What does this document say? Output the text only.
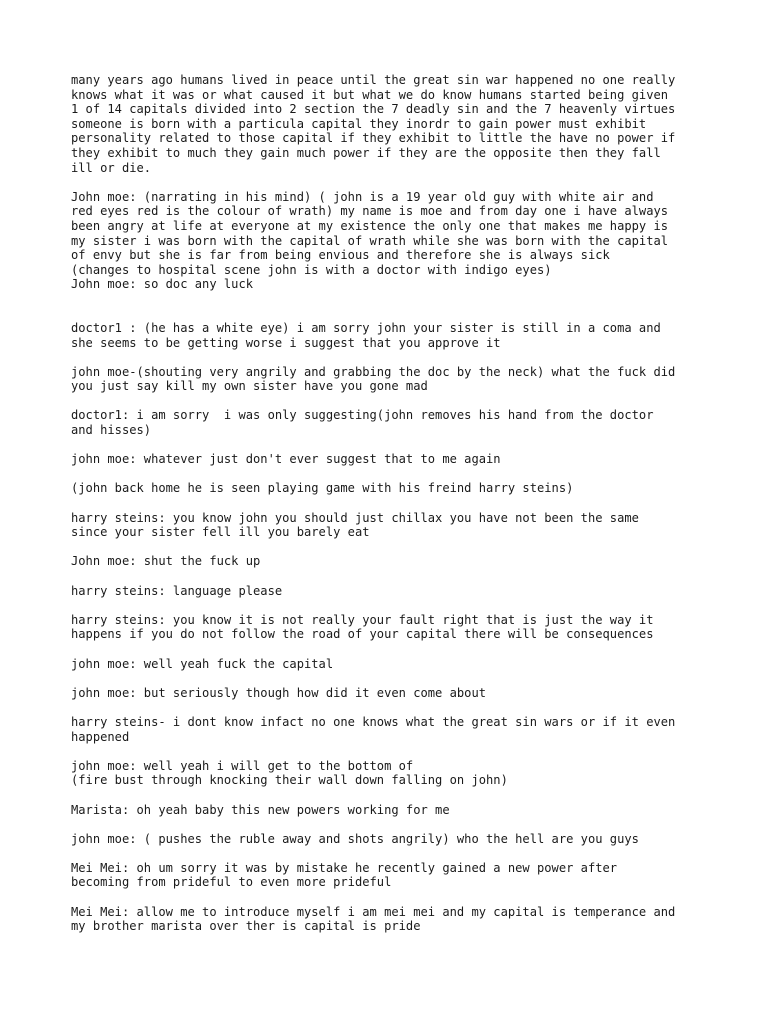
many years ago humans lived in peace until the great sin war happened no one really
knows what it was or what caused it but what we do know humans started being given
1 of 14 capitals divided into 2 section the 7 deadly sin and the 7 heavenly virtues
someone is born with a particula capital they inordr to gain power must exhibit
personality related to those capital if they exhibit to little the have no power if
they exhibit to much they gain much power if they are the opposite then they fall
ill or die.

John moe: (narrating in his mind) ( john is a 19 year old guy with white air and
red eyes red is the colour of wrath) my name is moe and from day one i have always
been angry at life at everyone at my existence the only one that makes me happy is
my sister i was born with the capital of wrath while she was born with the capital
of envy but she is far from being envious and therefore she is always sick
(changes to hospital scene john is with a doctor with indigo eyes)
John moe: so doc any luck

doctor1 : (he has a white eye) i am sorry john your sister is still in a coma and
she seems to be getting worse i suggest that you approve it

john moe-(shouting very angrily and grabbing the doc by the neck) what the fuck did
you just say kill my own sister have you gone mad

doctor1: i am sorry  i was only suggesting(john removes his hand from the doctor
and hisses)

john moe: whatever just don't ever suggest that to me again

(john back home he is seen playing game with his freind harry steins)

harry steins: you know john you should just chillax you have not been the same
since your sister fell ill you barely eat

John moe: shut the fuck up

harry steins: language please

harry steins: you know it is not really your fault right that is just the way it
happens if you do not follow the road of your capital there will be consequences

john moe: well yeah fuck the capital

john moe: but seriously though how did it even come about

harry steins- i dont know infact no one knows what the great sin wars or if it even
happened

john moe: well yeah i will get to the bottom of
(fire bust through knocking their wall down falling on john)

Marista: oh yeah baby this new powers working for me

john moe: ( pushes the ruble away and shots angrily) who the hell are you guys

Mei Mei: oh um sorry it was by mistake he recently gained a new power after
becoming from prideful to even more prideful

Mei Mei: allow me to introduce myself i am mei mei and my capital is temperance and
my brother marista over ther is capital is pride
